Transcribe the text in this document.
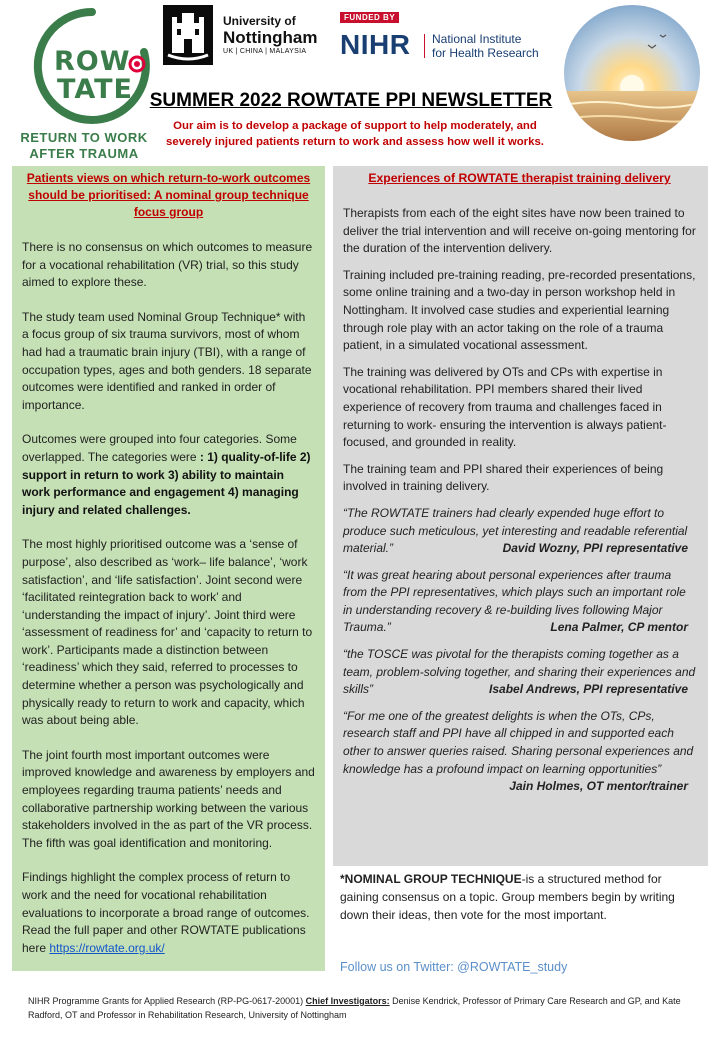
ROW
TATE
RETURN TO WORK
AFTER TRAUMA
University of
Nottingham
UK | CHINA | MALAYSIA
FUNDED BY
NIHR National Institute
for Health Research
SUMMER 2022 ROWTATE PPI NEWSLETTER
Our aim is to develop a package of support to help moderately, and severely injured patients return to work and assess how well it works.
Patients views on which return-to-work outcomes should be prioritised: A nominal group technique focus group

There is no consensus on which outcomes to measure for a vocational rehabilitation (VR) trial, so this study aimed to explore these.

The study team used Nominal Group Technique* with a focus group of six trauma survivors, most of whom had had a traumatic brain injury (TBI), with a range of occupation types, ages and both genders. 18 separate outcomes were identified and ranked in order of importance.

Outcomes were grouped into four categories. Some overlapped. The categories were : 1) quality-of-life 2) support in return to work 3) ability to maintain work performance and engagement 4) managing injury and related challenges.

The most highly prioritised outcome was a ‘sense of purpose’, also described as ‘work– life balance’, ‘work satisfaction’, and ‘life satisfaction’. Joint second were ‘facilitated reintegration back to work’ and ‘understanding the impact of injury’. Joint third were ‘assessment of readiness for’ and ‘capacity to return to work’. Participants made a distinction between ‘readiness’ which they said, referred to processes to determine whether a person was psychologically and physically ready to return to work and capacity, which was about being able.

The joint fourth most important outcomes were improved knowledge and awareness by employers and employees regarding trauma patients’ needs and collaborative partnership working between the various stakeholders involved in the as part of the VR process. The fifth was goal identification and monitoring.

Findings highlight the complex process of return to work and the need for vocational rehabilitation evaluations to incorporate a broad range of outcomes.

Read the full paper and other ROWTATE publications here https://rowtate.org.uk/

Experiences of ROWTATE therapist training delivery

Therapists from each of the eight sites have now been trained to deliver the trial intervention and will receive on-going mentoring for the duration of the intervention delivery.

Training included pre-training reading, pre-recorded presentations, some online training and a two-day in person workshop held in Nottingham. It involved case studies and experiential learning through role play with an actor taking on the role of a trauma patient, in a simulated vocational assessment.

The training was delivered by OTs and CPs with expertise in vocational rehabilitation. PPI members shared their lived experience of recovery from trauma and challenges faced in returning to work- ensuring the intervention is always patient-focused, and grounded in reality.

The training team and PPI shared their experiences of being involved in training delivery.

“The ROWTATE trainers had clearly expended huge effort to produce such meticulous, yet interesting and readable referential material.”	David Wozny, PPI representative
“It was great hearing about personal experiences after trauma from the PPI representatives, which plays such an important role in understanding recovery & re-building lives following Major Trauma.”	Lena Palmer, CP mentor
“the TOSCE was pivotal for the therapists coming together as a team, problem-solving together, and sharing their experiences and skills”	Isabel Andrews, PPI representative
“For me one of the greatest delights is when the OTs, CPs, research staff and PPI have all chipped in and supported each other to answer queries raised. Sharing personal experiences and knowledge has a profound impact on learning opportunities”
Jain Holmes, OT mentor/trainer
*NOMINAL GROUP TECHNIQUE-is a structured method for gaining consensus on a topic. Group members begin by writing down their ideas, then vote for the most important.
Follow us on Twitter: @ROWTATE_study
NIHR Programme Grants for Applied Research (RP-PG-0617-20001) Chief Investigators: Denise Kendrick, Professor of Primary Care Research and GP, and Kate Radford, OT and Professor in Rehabilitation Research, University of Nottingham
